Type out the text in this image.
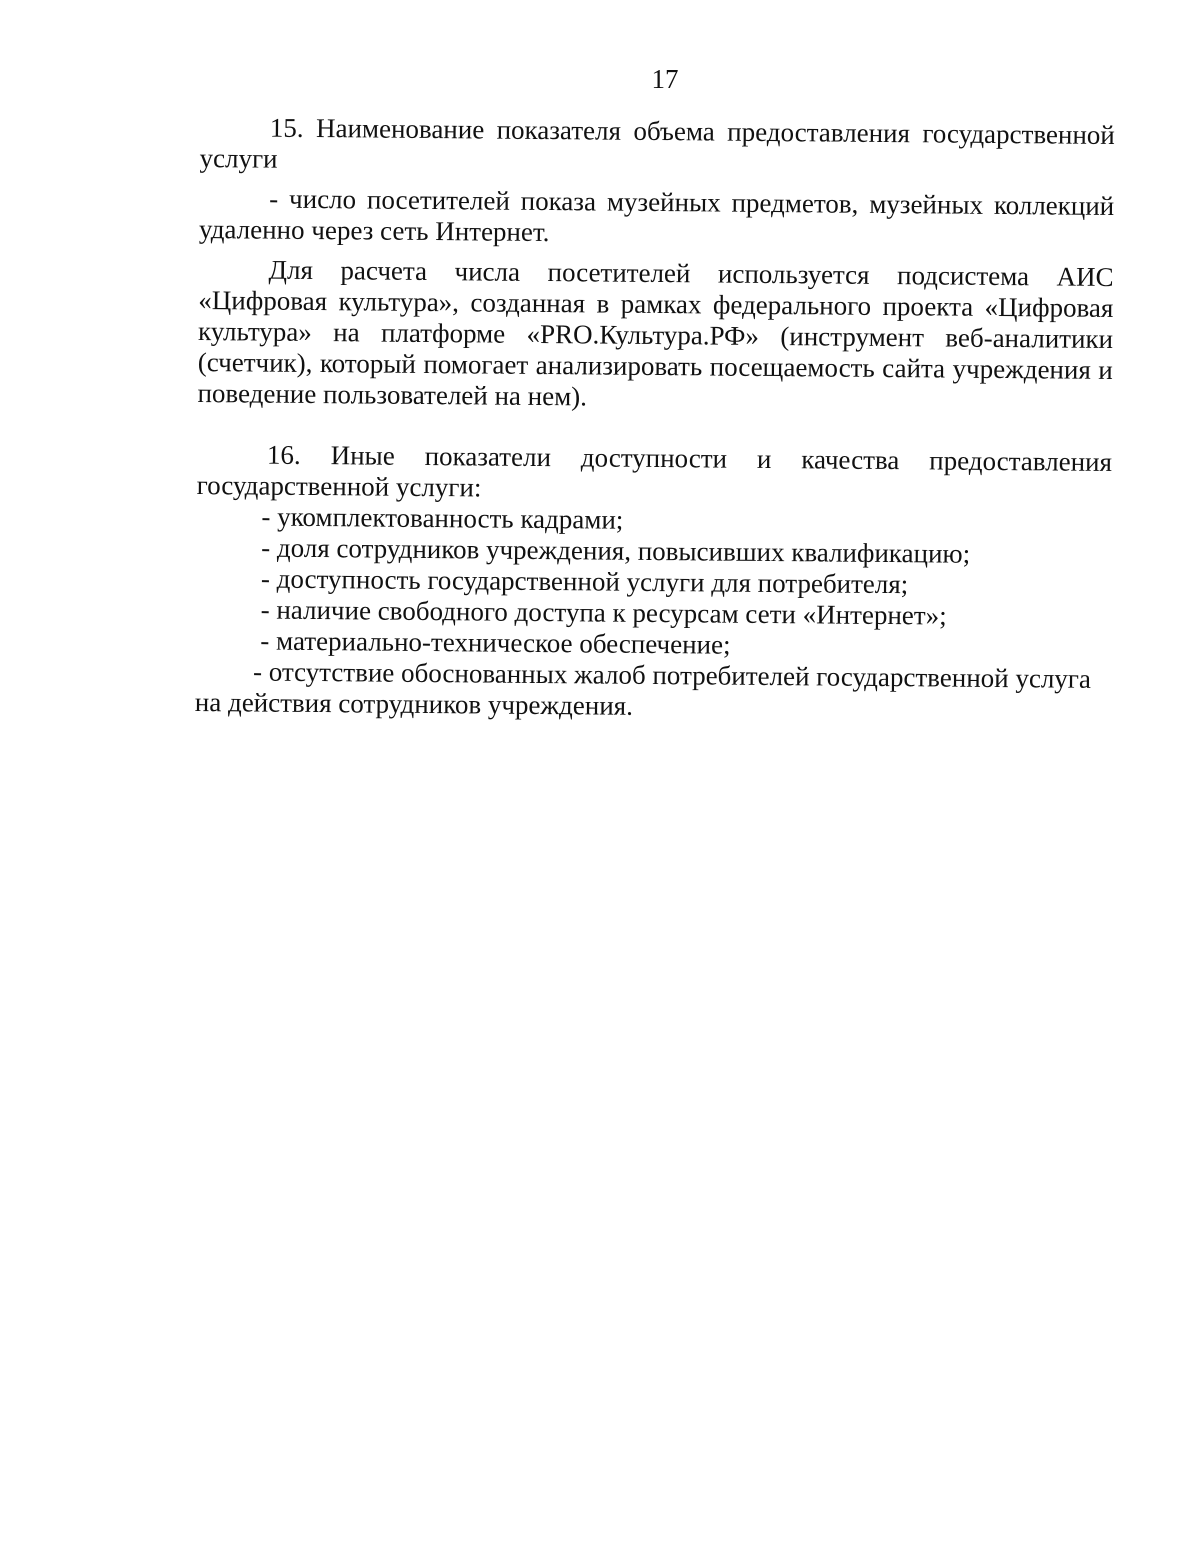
17

15. Наименование показателя объема предоставления государственной услуги

- число посетителей показа музейных предметов, музейных коллекций удаленно через сеть Интернет.

Для расчета числа посетителей используется подсистема АИС «Цифровая культура», созданная в рамках федерального проекта «Цифровая культура» на платформе «PRO.Культура.РФ» (инструмент веб-аналитики (счетчик), который помогает анализировать посещаемость сайта учреждения и поведение пользователей на нем).

16. Иные показатели доступности и качества предоставления государственной услуги:

- укомплектованность кадрами;

- доля сотрудников учреждения, повысивших квалификацию;

- доступность государственной услуги для потребителя;

- наличие свободного доступа к ресурсам сети «Интернет»;

- материально-техническое обеспечение;

- отсутствие обоснованных жалоб потребителей государственной услуга на действия сотрудников учреждения.
